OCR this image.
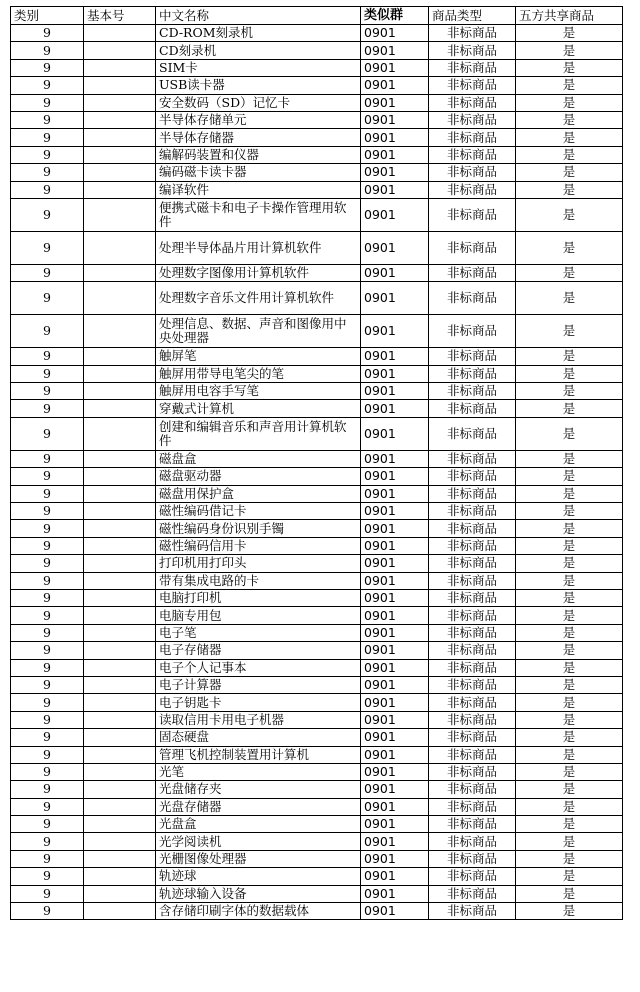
类别	基本号	中文名称	类似群	商品类型	五方共享商品
9		CD-ROM刻录机	0901	非标商品	是
9		CD刻录机	0901	非标商品	是
9		SIM卡	0901	非标商品	是
9		USB读卡器	0901	非标商品	是
9		安全数码（SD）记忆卡	0901	非标商品	是
9		半导体存储单元	0901	非标商品	是
9		半导体存储器	0901	非标商品	是
9		编解码装置和仪器	0901	非标商品	是
9		编码磁卡读卡器	0901	非标商品	是
9		编译软件	0901	非标商品	是
9		便携式磁卡和电子卡操作管理用软件	0901	非标商品	是
9		处理半导体晶片用计算机软件	0901	非标商品	是
9		处理数字图像用计算机软件	0901	非标商品	是
9		处理数字音乐文件用计算机软件	0901	非标商品	是
9		处理信息、数据、声音和图像用中央处理器	0901	非标商品	是
9		触屏笔	0901	非标商品	是
9		触屏用带导电笔尖的笔	0901	非标商品	是
9		触屏用电容手写笔	0901	非标商品	是
9		穿戴式计算机	0901	非标商品	是
9		创建和编辑音乐和声音用计算机软件	0901	非标商品	是
9		磁盘盒	0901	非标商品	是
9		磁盘驱动器	0901	非标商品	是
9		磁盘用保护盒	0901	非标商品	是
9		磁性编码借记卡	0901	非标商品	是
9		磁性编码身份识别手镯	0901	非标商品	是
9		磁性编码信用卡	0901	非标商品	是
9		打印机用打印头	0901	非标商品	是
9		带有集成电路的卡	0901	非标商品	是
9		电脑打印机	0901	非标商品	是
9		电脑专用包	0901	非标商品	是
9		电子笔	0901	非标商品	是
9		电子存储器	0901	非标商品	是
9		电子个人记事本	0901	非标商品	是
9		电子计算器	0901	非标商品	是
9		电子钥匙卡	0901	非标商品	是
9		读取信用卡用电子机器	0901	非标商品	是
9		固态硬盘	0901	非标商品	是
9		管理飞机控制装置用计算机	0901	非标商品	是
9		光笔	0901	非标商品	是
9		光盘储存夹	0901	非标商品	是
9		光盘存储器	0901	非标商品	是
9		光盘盒	0901	非标商品	是
9		光学阅读机	0901	非标商品	是
9		光栅图像处理器	0901	非标商品	是
9		轨迹球	0901	非标商品	是
9		轨迹球输入设备	0901	非标商品	是
9		含存储印刷字体的数据载体	0901	非标商品	是
